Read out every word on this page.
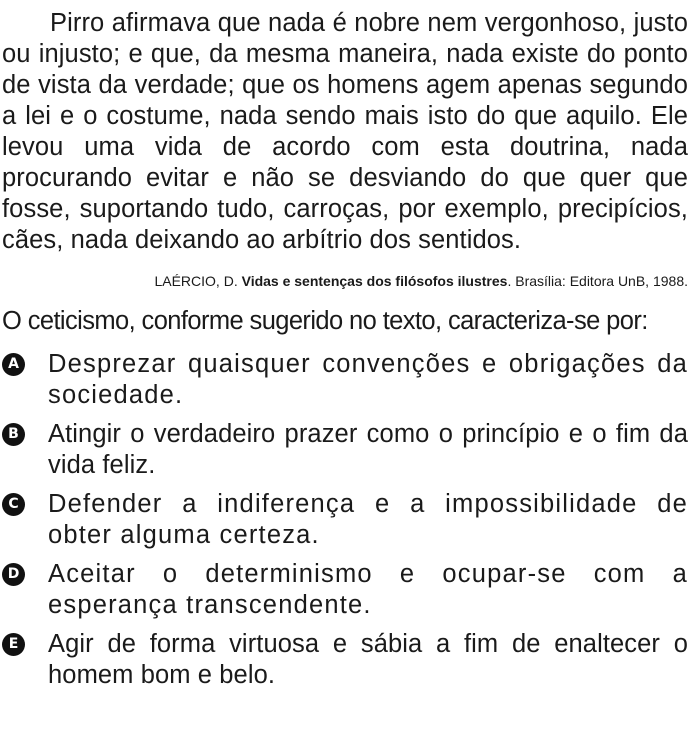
Pirro afirmava que nada é nobre nem vergonhoso, justo ou injusto; e que, da mesma maneira, nada existe do ponto de vista da verdade; que os homens agem apenas segundo a lei e o costume, nada sendo mais isto do que aquilo. Ele levou uma vida de acordo com esta doutrina, nada procurando evitar e não se desviando do que quer que fosse, suportando tudo, carroças, por exemplo, precipícios, cães, nada deixando ao arbítrio dos sentidos.

LAÉRCIO, D. Vidas e sentenças dos filósofos ilustres. Brasília: Editora UnB, 1988.

O ceticismo, conforme sugerido no texto, caracteriza-se por:

A Desprezar quaisquer convenções e obrigações da sociedade.
B Atingir o verdadeiro prazer como o princípio e o fim da vida feliz.
C Defender a indiferença e a impossibilidade de obter alguma certeza.
D Aceitar o determinismo e ocupar-se com a esperança transcendente.
E Agir de forma virtuosa e sábia a fim de enaltecer o homem bom e belo.
